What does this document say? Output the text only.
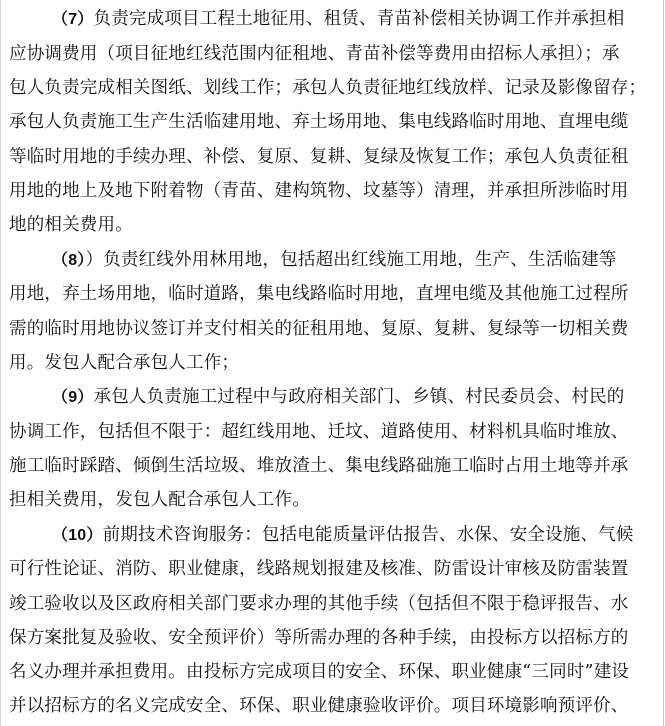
（7）负责完成项目工程土地征用、租赁、青苗补偿相关协调工作并承担相
应协调费用（项目征地红线范围内征租地、青苗补偿等费用由招标人承担）；承
包人负责完成相关图纸、划线工作；承包人负责征地红线放样、记录及影像留存；
承包人负责施工生产生活临建用地、弃土场用地、集电线路临时用地、直埋电缆
等临时用地的手续办理、补偿、复原、复耕、复绿及恢复工作；承包人负责征租
用地的地上及地下附着物（青苗、建构筑物、坟墓等）清理，并承担所涉临时用
地的相关费用。
（8））负责红线外用林用地，包括超出红线施工用地，生产、生活临建等
用地，弃土场用地，临时道路，集电线路临时用地，直埋电缆及其他施工过程所
需的临时用地协议签订并支付相关的征租用地、复原、复耕、复绿等一切相关费
用。发包人配合承包人工作；
（9）承包人负责施工过程中与政府相关部门、乡镇、村民委员会、村民的
协调工作，包括但不限于：超红线用地、迁坟、道路使用、材料机具临时堆放、
施工临时踩踏、倾倒生活垃圾、堆放渣土、集电线路础施工临时占用土地等并承
担相关费用，发包人配合承包人工作。
（10）前期技术咨询服务：包括电能质量评估报告、水保、安全设施、气候
可行性论证、消防、职业健康，线路规划报建及核准、防雷设计审核及防雷装置
竣工验收以及区政府相关部门要求办理的其他手续（包括但不限于稳评报告、水
保方案批复及验收、安全预评价）等所需办理的各种手续，由投标方以招标方的
名义办理并承担费用。由投标方完成项目的安全、环保、职业健康“三同时”建设
并以招标方的名义完成安全、环保、职业健康验收评价。项目环境影响预评价、
